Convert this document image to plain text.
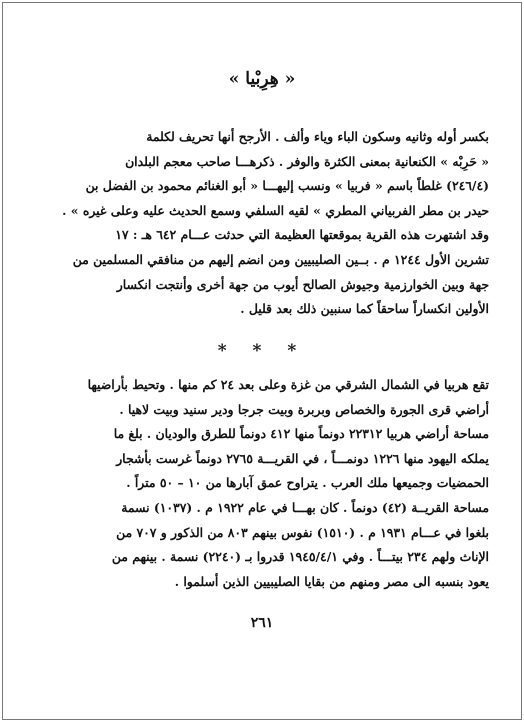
« هِرِبْيا »

بكسر أوله وثانيه وسكون الباء وياء وألف . الأرجح أنها تحريف لكلمة
« حَرِبْه » الكنعانية بمعنى الكثرة والوفر . ذكرهـــا صاحب معجم البلدان
(٢٤٦/٤) غلطاً باسم « فربيا » ونسب إليهـــا « أبو الغنائم محمود بن الفضل بن
حيدر بن مطر الفربياني المطري » لقيه السلفي وسمع الحديث عليه وعلى غيره » .
وقد اشتهرت هذه القرية بموقعتها العظيمة التي حدثت عـــام ٦٤٢ هـ : ١٧
تشرين الأول ١٢٤٤ م . بــين الصليبيين ومن انضم إليهم من منافقي المسلمين من
جهة وبين الخوارزمية وجيوش الصالح أيوب من جهة أخرى وأنتجت انكسار
الأولين انكساراً ساحقاً كما سنبين ذلك بعد قليل .

* * *

تقع هربيا في الشمال الشرقي من غزة وعلى بعد ٢٤ كم منها . وتحيط بأراضيها
أراضي قرى الجورة والخصاص وبربرة وبيت جرجا ودير سنيد وبيت لاهيا .
مساحة أراضي هربيا ٢٢٣١٢ دونماً منها ٤١٢ دونماً للطرق والوديان . بلغ ما
يملكه اليهود منها ١٢٢٦ دونمـــاً ، في القريـــة ٢٧٦٥ دونماً غرست بأشجار
الحمضيات وجميعها ملك العرب . يتراوح عمق آبارها من ١٠ – ٥٠ متراً .
مساحة القريــة (٤٢) دونماً . كان بهـــا في عام ١٩٢٢ م . (١٠٣٧) نسمة
بلغوا في عـــام ١٩٣١ م . (١٥١٠) نفوس بينهم ٨٠٣ من الذكور و ٧٠٧ من
الإناث ولهم ٢٣٤ بيتـــاً . وفي ١٩٤٥/٤/١ قدروا بـ (٢٢٤٠) نسمة . بينهم من
يعود بنسبه الى مصر ومنهم من بقايا الصليبيين الذين أسلموا .

٢٦١
